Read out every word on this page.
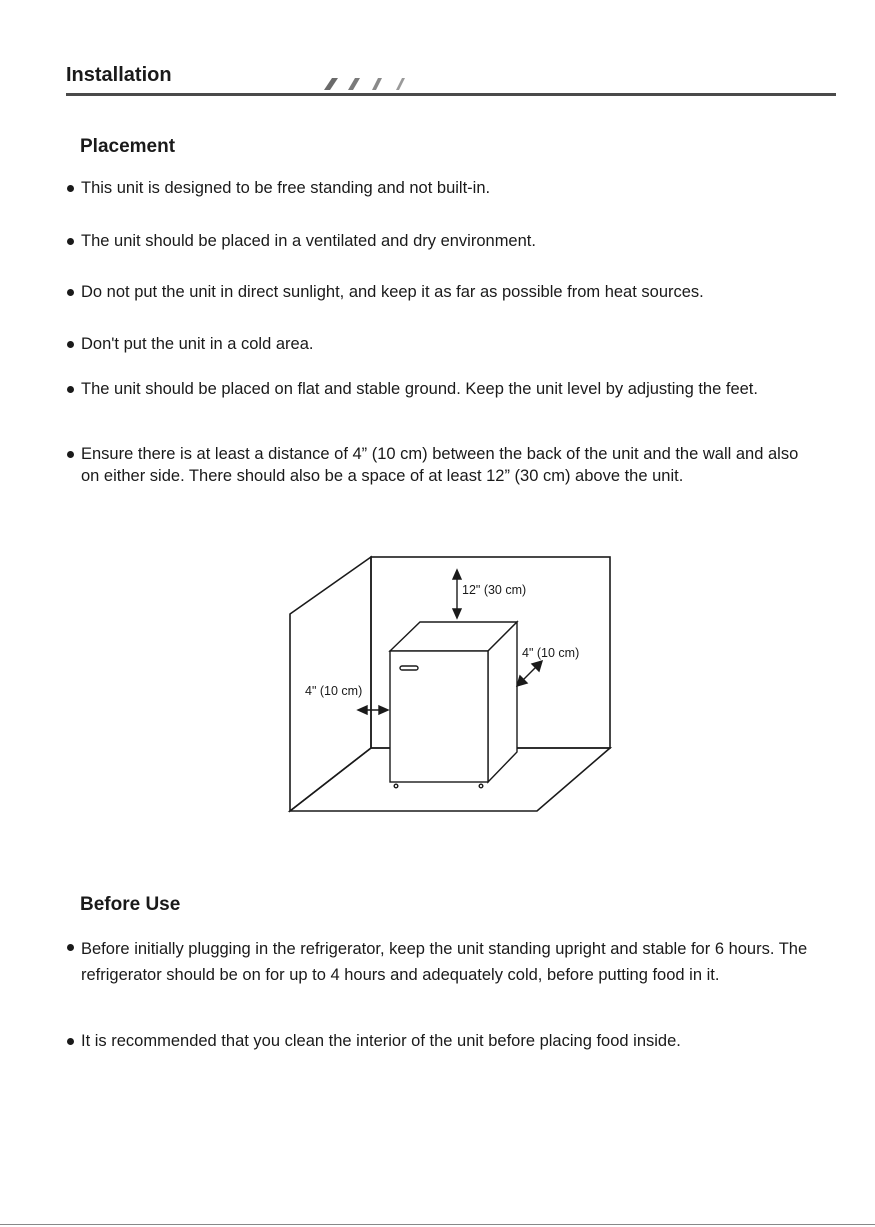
Installation
Placement
This unit is designed to be free standing and not built-in.
The unit should be placed in a ventilated and dry environment.
Do not put the unit in direct sunlight, and keep it as far as possible from heat sources.
Don't put the unit in a cold area.
The unit should be placed on flat and stable ground. Keep the unit level by adjusting the feet.
Ensure there is at least a distance of 4” (10 cm) between the back of the unit and the wall and also on either side. There should also be a space of at least 12” (30 cm) above the unit.
12" (30 cm)
4" (10 cm)
4" (10 cm)
Before Use
Before initially plugging in the refrigerator, keep the unit standing upright and stable for 6 hours. The refrigerator should be on for up to 4 hours and adequately cold, before putting food in it.
It is recommended that you clean the interior of the unit before placing food inside.
